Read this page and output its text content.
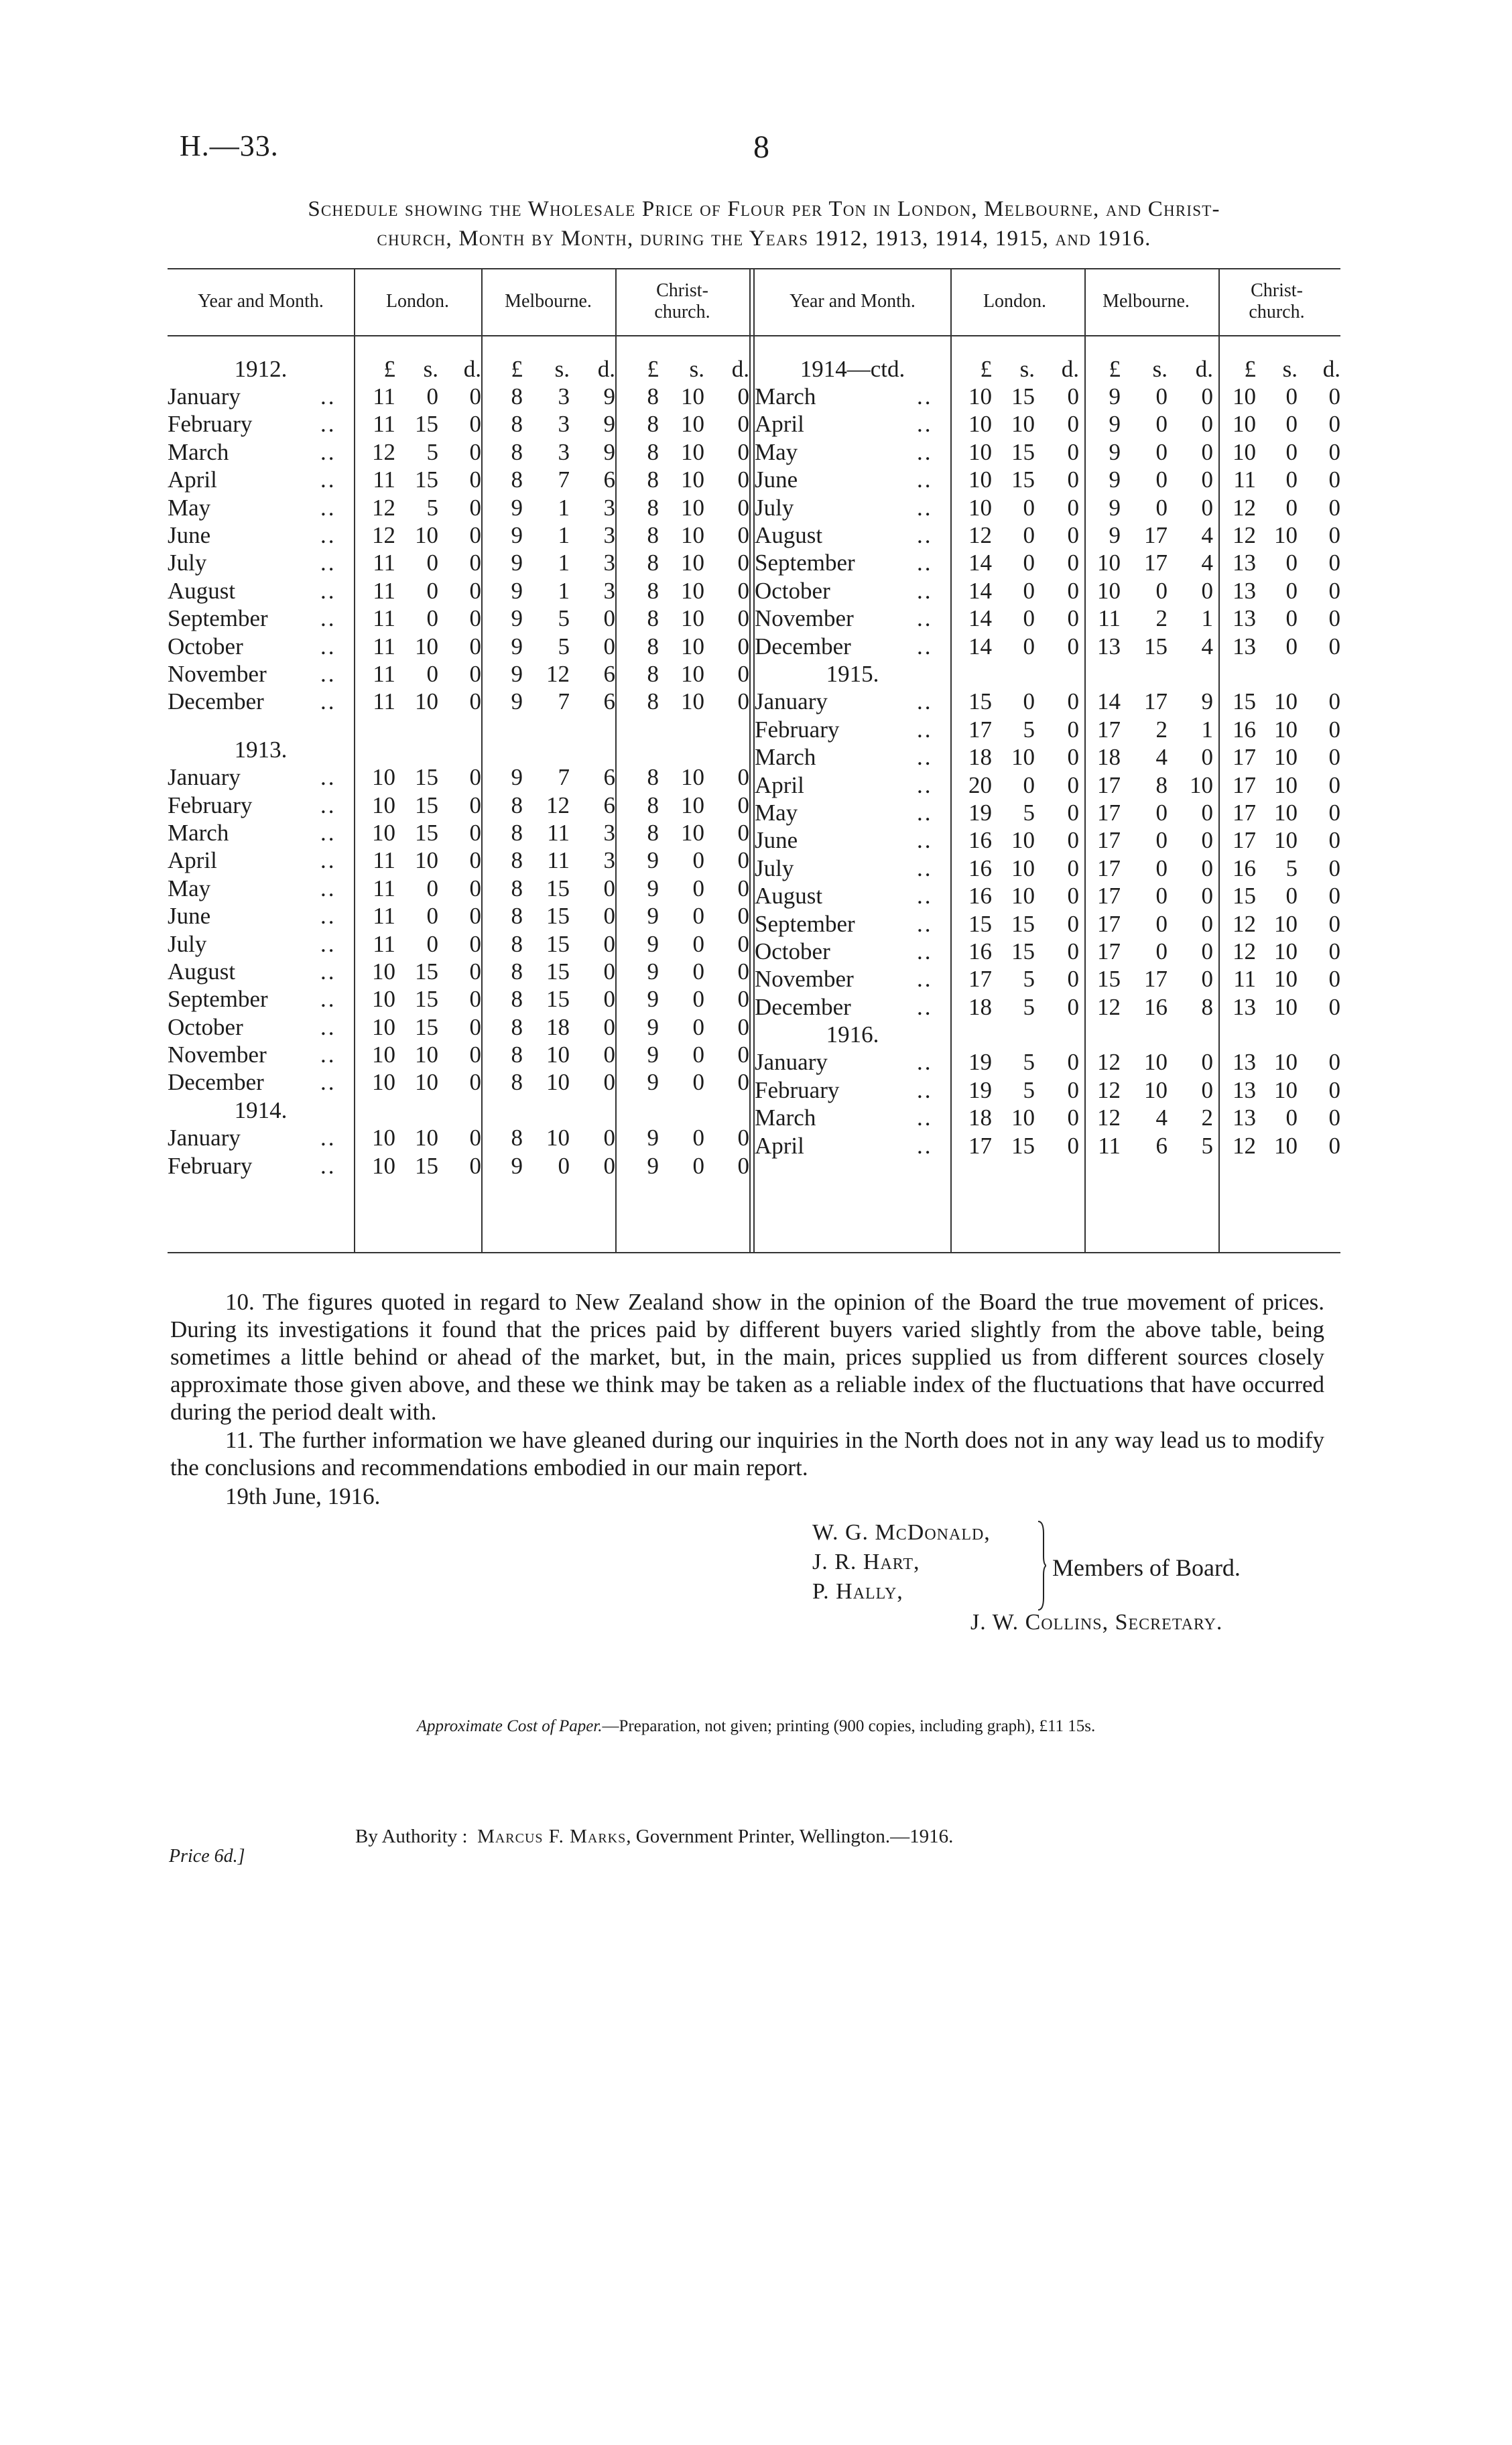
H.—33.	8
Schedule showing the Wholesale Price of Flour per Ton in London, Melbourne, and Christ-
church, Month by Month, during the Years 1912, 1913, 1914, 1915, and 1916.
Year and Month.		London.			Melbourne.			Christ-
church.		

1912.		£	s.	d.	£	s.	d.	£	s.	d.
January	..	11	0	0	8	3	9	8	10	0
February	..	11	15	0	8	3	9	8	10	0
March	..	12	5	0	8	3	9	8	10	0
April	..	11	15	0	8	7	6	8	10	0
May	..	12	5	0	9	1	3	8	10	0
June	..	12	10	0	9	1	3	8	10	0
July	..	11	0	0	9	1	3	8	10	0
August	..	11	0	0	9	1	3	8	10	0
September	..	11	0	0	9	5	0	8	10	0
October	..	11	10	0	9	5	0	8	10	0
November	..	11	0	0	9	12	6	8	10	0
December	..	11	10	0	9	7	6	8	10	0

1913.										
January	..	10	15	0	9	7	6	8	10	0
February	..	10	15	0	8	12	6	8	10	0
March	..	10	15	0	8	11	3	8	10	0
April	..	11	10	0	8	11	3	9	0	0
May	..	11	0	0	8	15	0	9	0	0
June	..	11	0	0	8	15	0	9	0	0
July	..	11	0	0	8	15	0	9	0	0
August	..	10	15	0	8	15	0	9	0	0
September	..	10	15	0	8	15	0	9	0	0
October	..	10	15	0	8	18	0	9	0	0
November	..	10	10	0	8	10	0	9	0	0
December	..	10	10	0	8	10	0	9	0	0
1914.										
January	..	10	10	0	8	10	0	9	0	0
February	..	10	15	0	9	0	0	9	0	0
Year and Month.		London.			Melbourne.			Christ-
church.		

1914—ctd.		£	s.	d.	£	s.	d.	£	s.	d.
March	..	10	15	0	9	0	0	10	0	0
April	..	10	10	0	9	0	0	10	0	0
May	..	10	15	0	9	0	0	10	0	0
June	..	10	15	0	9	0	0	11	0	0
July	..	10	0	0	9	0	0	12	0	0
August	..	12	0	0	9	17	4	12	10	0
September	..	14	0	0	10	17	4	13	0	0
October	..	14	0	0	10	0	0	13	0	0
November	..	14	0	0	11	2	1	13	0	0
December	..	14	0	0	13	15	4	13	0	0
1915.										
January	..	15	0	0	14	17	9	15	10	0
February	..	17	5	0	17	2	1	16	10	0
March	..	18	10	0	18	4	0	17	10	0
April	..	20	0	0	17	8	10	17	10	0
May	..	19	5	0	17	0	0	17	10	0
June	..	16	10	0	17	0	0	17	10	0
July	..	16	10	0	17	0	0	16	5	0
August	..	16	10	0	17	0	0	15	0	0
September	..	15	15	0	17	0	0	12	10	0
October	..	16	15	0	17	0	0	12	10	0
November	..	17	5	0	15	17	0	11	10	0
December	..	18	5	0	12	16	8	13	10	0
1916.										
January	..	19	5	0	12	10	0	13	10	0
February	..	19	5	0	12	10	0	13	10	0
March	..	18	10	0	12	4	2	13	0	0
April	..	17	15	0	11	6	5	12	10	0
10. The figures quoted in regard to New Zealand show in the opinion of the Board the true movement of prices. During its investigations it found that the prices paid by different buyers varied slightly from the above table, being sometimes a little behind or ahead of the market, but, in the main, prices supplied us from different sources closely approximate those given above, and these we think may be taken as a reliable index of the fluctuations that have occurred during the period dealt with.
11. The further information we have gleaned during our inquiries in the North does not in any way lead us to modify the conclusions and recommendations embodied in our main report.
19th June, 1916.
W. G. McDonald,
J. R. Hart,
P. Hally,
Members of Board.
J. W. Collins, Secretary.
Approximate Cost of Paper.—Preparation, not given; printing (900 copies, including graph), £11 15s.
Price 6d.]
By Authority : Marcus F. Marks, Government Printer, Wellington.—1916.
